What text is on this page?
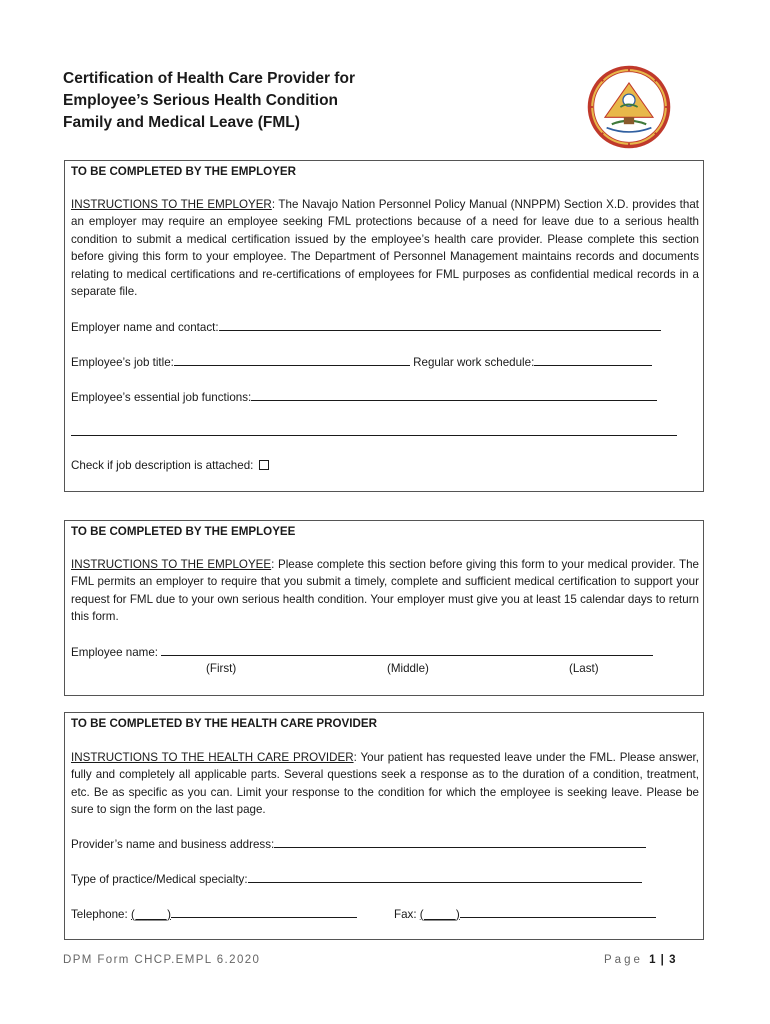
Certification of Health Care Provider for
Employee’s Serious Health Condition
Family and Medical Leave (FML)
TO BE COMPLETED BY THE EMPLOYER
INSTRUCTIONS TO THE EMPLOYER: The Navajo Nation Personnel Policy Manual (NNPPM) Section X.D. provides that an employer may require an employee seeking FML protections because of a need for leave due to a serious health condition to submit a medical certification issued by the employee’s health care provider. Please complete this section before giving this form to your employee. The Department of Personnel Management maintains records and documents relating to medical certifications and re-certifications of employees for FML purposes as confidential medical records in a separate file.
Employer name and contact:
Employee’s job title:	Regular work schedule:
Employee’s essential job functions:
Check if job description is attached:
TO BE COMPLETED BY THE EMPLOYEE
INSTRUCTIONS TO THE EMPLOYEE: Please complete this section before giving this form to your medical provider. The FML permits an employer to require that you submit a timely, complete and sufficient medical certification to support your request for FML due to your own serious health condition. Your employer must give you at least 15 calendar days to return this form.
Employee name:
(First)	(Middle)	(Last)
TO BE COMPLETED BY THE HEALTH CARE PROVIDER
INSTRUCTIONS TO THE HEALTH CARE PROVIDER: Your patient has requested leave under the FML. Please answer, fully and completely all applicable parts. Several questions seek a response as to the duration of a condition, treatment, etc. Be as specific as you can. Limit your response to the condition for which the employee is seeking leave. Please be sure to sign the form on the last page.
Provider’s name and business address:
Type of practice/Medical specialty:
Telephone: (_____)	Fax: (_____)
DPM Form CHCP.EMPL 6.2020	Page 1 | 3
